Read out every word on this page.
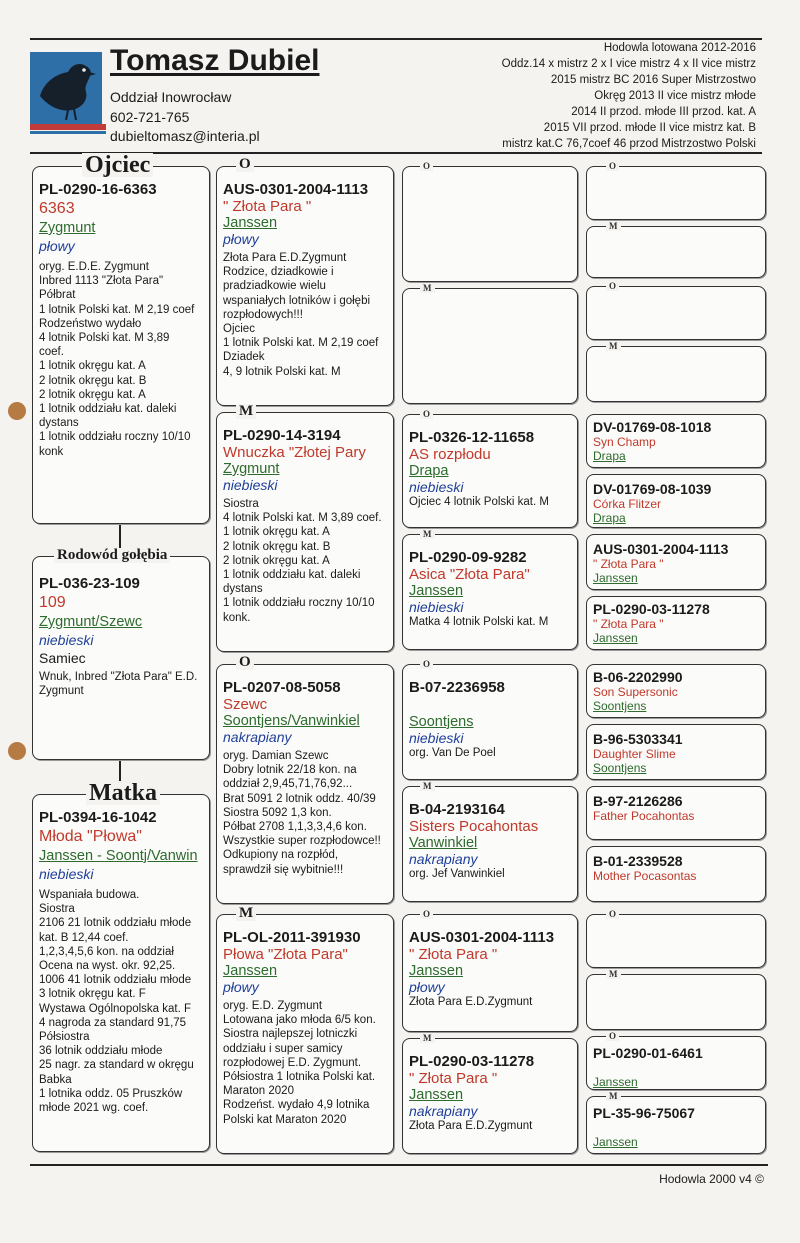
Tomasz Dubiel
Oddział Inowrocław
602-721-765
dubieltomasz@interia.pl
Hodowla lotowana 2012-2016
Oddz.14 x mistrz 2 x I vice mistrz 4 x II vice mistrz
2015 mistrz BC 2016 Super Mistrzostwo
Okręg 2013 II vice mistrz młode
2014 II przod. młode III przod. kat. A
2015 VII przod. młode II vice mistrz kat. B
mistrz kat.C 76,7coef 46 przod Mistrzostwo Polski
PL-0290-16-6363
6363
Zygmunt
płowy
oryg. E.D.E. Zygmunt
Inbred 1113 "Złota Para"
Półbrat
1 lotnik Polski kat. M 2,19 coef
Rodzeństwo wydało
4 lotnik Polski kat. M 3,89
coef.
1 lotnik okręgu kat. A
2 lotnik okręgu kat. B
2 lotnik okręgu kat. A
1 lotnik oddziału kat. daleki
dystans
1 lotnik oddziału roczny 10/10
konk
Ojciec
PL-036-23-109
109
Zygmunt/Szewc
niebieski
Samiec
Wnuk, Inbred "Złota Para" E.D.
Zygmunt
Rodowód gołębia
PL-0394-16-1042
Młoda "Płowa"
Janssen - Soontj/Vanwin
niebieski
Wspaniała budowa.
Siostra
2106 21 lotnik oddziału młode
kat. B 12,44 coef.
1,2,3,4,5,6 kon. na oddział
Ocena na wyst. okr. 92,25.
1006 41 lotnik oddziału młode
3 lotnik okręgu kat. F
Wystawa Ogólnopolska kat. F
4 nagroda za standard 91,75
Półsiostra
36 lotnik oddziału młode
25 nagr. za standard w okręgu
Babka
1 lotnika oddz. 05 Pruszków
młode 2021 wg. coef.
Matka
AUS-0301-2004-1113
" Złota Para "
Janssen
płowy
Złota Para E.D.Zygmunt
Rodzice, dziadkowie i
pradziadkowie wielu
wspaniałych lotników i gołębi
rozpłodowych!!!
Ojciec
1 lotnik Polski kat. M 2,19 coef
Dziadek
4, 9 lotnik Polski kat. M
O
PL-0290-14-3194
Wnuczka "Złotej Pary
Zygmunt
niebieski
Siostra
4 lotnik Polski kat. M 3,89 coef.
1 lotnik okręgu kat. A
2 lotnik okręgu kat. B
2 lotnik okręgu kat. A
1 lotnik oddziału kat. daleki
dystans
1 lotnik oddziału roczny 10/10
konk.
M
PL-0207-08-5058
Szewc
Soontjens/Vanwinkiel
nakrapiany
oryg. Damian Szewc
Dobry lotnik 22/18 kon. na
oddział 2,9,45,71,76,92...
Brat 5091 2 lotnik oddz. 40/39
Siostra 5092 1,3 kon.
Półbat 2708 1,1,3,3,4,6 kon.
Wszystkie super rozpłodowce!!
Odkupiony na rozpłód,
sprawdził się wybitnie!!!
O
PL-OL-2011-391930
Płowa "Złota Para"
Janssen
płowy
oryg. E.D. Zygmunt
Lotowana jako młoda 6/5 kon.
Siostra najlepszej lotniczki
oddziału i super samicy
rozpłodowej E.D. Zygmunt.
Półsiostra 1 lotnika Polski kat.
Maraton 2020
Rodzeńst. wydało 4,9 lotnika
Polski kat Maraton 2020
M
O
M
PL-0326-12-11658
AS rozpłodu
Drapa
niebieski
Ojciec 4 lotnik Polski kat. M
O
PL-0290-09-9282
Asica "Złota Para"
Janssen
niebieski
Matka 4 lotnik Polski kat. M
M
B-07-2236958
Soontjens
niebieski
org. Van De Poel
O
B-04-2193164
Sisters Pocahontas
Vanwinkiel
nakrapiany
org. Jef Vanwinkiel
M
AUS-0301-2004-1113
" Złota Para "
Janssen
płowy
Złota Para E.D.Zygmunt
O
PL-0290-03-11278
" Złota Para "
Janssen
nakrapiany
Złota Para E.D.Zygmunt
M
O
M
O
M
DV-01769-08-1018
Syn Champ
Drapa
DV-01769-08-1039
Córka Flitzer
Drapa
AUS-0301-2004-1113
" Złota Para "
Janssen
PL-0290-03-11278
" Złota Para "
Janssen
B-06-2202990
Son Supersonic
Soontjens
B-96-5303341
Daughter Slime
Soontjens
B-97-2126286
Father Pocahontas
B-01-2339528
Mother Pocasontas
O
M
PL-0290-01-6461
Janssen
O
PL-35-96-75067
Janssen
M
Hodowla 2000 v4 ©
